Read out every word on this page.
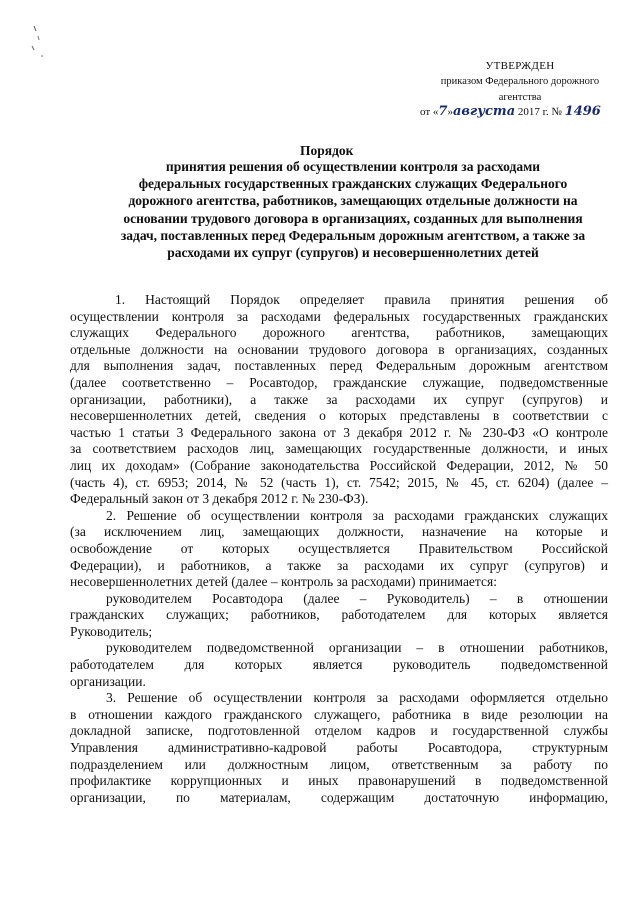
УТВЕРЖДЕН
приказом Федерального дорожного
агентства
от «7»августа 2017 г. № 1496
Порядок
принятия решения об осуществлении контроля за расходами
федеральных государственных гражданских служащих Федерального
дорожного агентства, работников, замещающих отдельные должности на
основании трудового договора в организациях, созданных для выполнения
задач, поставленных перед Федеральным дорожным агентством, а также за
расходами их супруг (супругов) и несовершеннолетних детей
1. Настоящий Порядок определяет правила принятия решения об
осуществлении контроля за расходами федеральных государственных гражданских
служащих Федерального дорожного агентства, работников, замещающих
отдельные должности на основании трудового договора в организациях, созданных
для выполнения задач, поставленных перед Федеральным дорожным агентством
(далее соответственно – Росавтодор, гражданские служащие, подведомственные
организации, работники), а также за расходами их супруг (супругов) и
несовершеннолетних детей, сведения о которых представлены в соответствии с
частью 1 статьи 3 Федерального закона от 3 декабря 2012 г. № 230-ФЗ «О контроле
за соответствием расходов лиц, замещающих государственные должности, и иных
лиц их доходам» (Собрание законодательства Российской Федерации, 2012, № 50
(часть 4), ст. 6953; 2014, № 52 (часть 1), ст. 7542; 2015, № 45, ст. 6204) (далее –
Федеральный закон от 3 декабря 2012 г. № 230-ФЗ).
2. Решение об осуществлении контроля за расходами гражданских служащих
(за исключением лиц, замещающих должности, назначение на которые и
освобождение от которых осуществляется Правительством Российской
Федерации), и работников, а также за расходами их супруг (супругов) и
несовершеннолетних детей (далее – контроль за расходами) принимается:
руководителем Росавтодора (далее – Руководитель) – в отношении
гражданских служащих; работников, работодателем для которых является
Руководитель;
руководителем подведомственной организации – в отношении работников,
работодателем для которых является руководитель подведомственной
организации.
3. Решение об осуществлении контроля за расходами оформляется отдельно
в отношении каждого гражданского служащего, работника в виде резолюции на
докладной записке, подготовленной отделом кадров и государственной службы
Управления административно-кадровой работы Росавтодора, структурным
подразделением или должностным лицом, ответственным за работу по
профилактике коррупционных и иных правонарушений в подведомственной
организации, по материалам, содержащим достаточную информацию,
